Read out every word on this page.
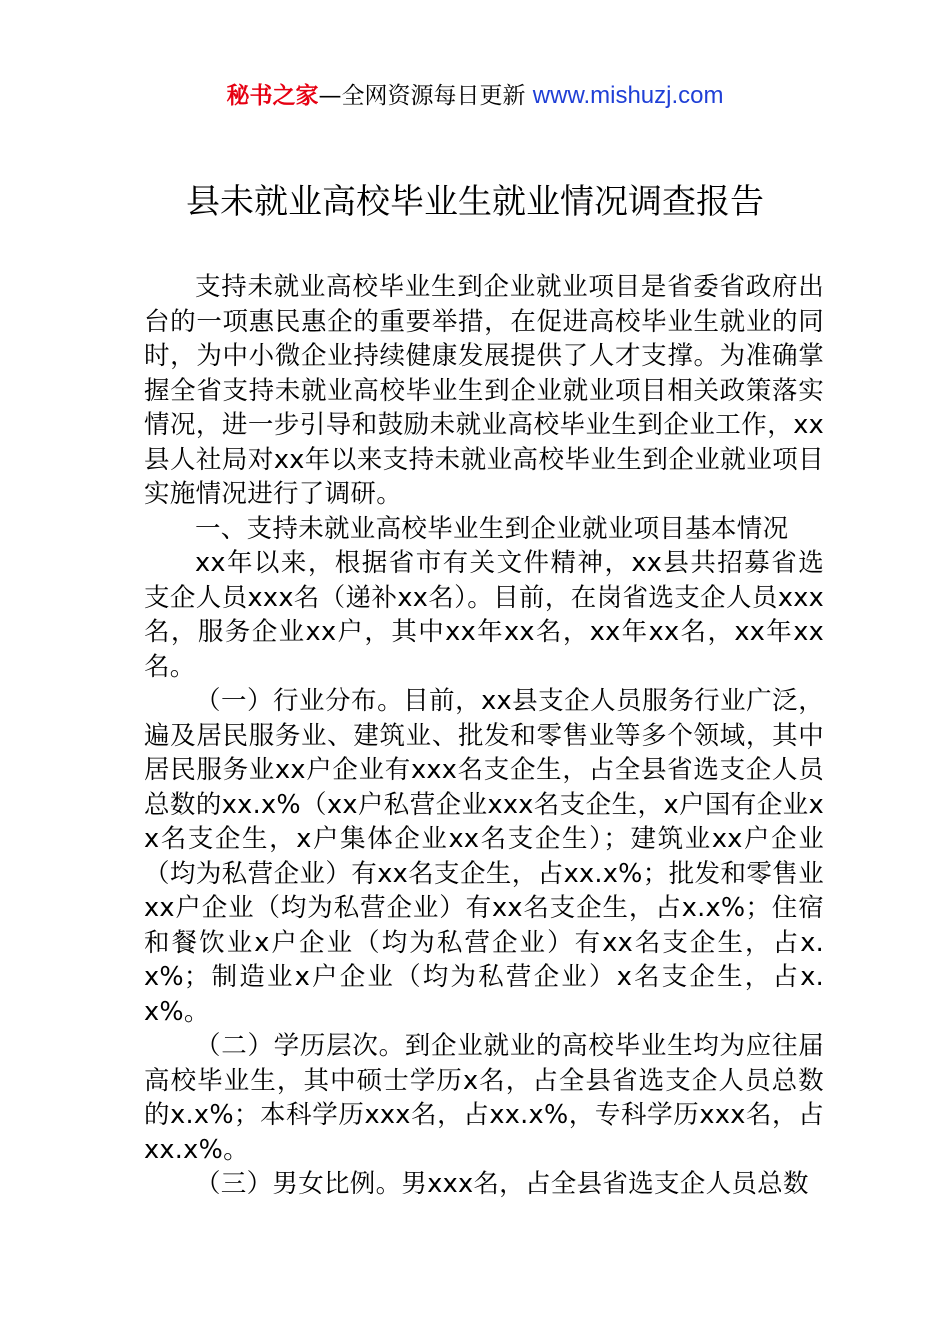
秘书之家—全网资源每日更新 www.mishuzj.com
县未就业高校毕业生就业情况调查报告

支持未就业高校毕业生到企业就业项目是省委省政府出台的一项惠民惠企的重要举措，在促进高校毕业生就业的同时，为中小微企业持续健康发展提供了人才支撑。为准确掌握全省支持未就业高校毕业生到企业就业项目相关政策落实情况，进一步引导和鼓励未就业高校毕业生到企业工作，xx县人社局对xx年以来支持未就业高校毕业生到企业就业项目实施情况进行了调研。

一、支持未就业高校毕业生到企业就业项目基本情况

xx年以来，根据省市有关文件精神，xx县共招募省选支企人员xxx名（递补xx名）。目前，在岗省选支企人员xxx名，服务企业xx户，其中xx年xx名，xx年xx名，xx年xx名。

（一）行业分布。目前，xx县支企人员服务行业广泛，遍及居民服务业、建筑业、批发和零售业等多个领域，其中居民服务业xx户企业有xxx名支企生，占全县省选支企人员总数的xx.x%（xx户私营企业xxx名支企生，x户国有企业xx名支企生，x户集体企业xx名支企生）；建筑业xx户企业（均为私营企业）有xx名支企生，占xx.x%；批发和零售业xx户企业（均为私营企业）有xx名支企生，占x.x%；住宿和餐饮业x户企业（均为私营企业）有xx名支企生，占x.x%；制造业x户企业（均为私营企业）x名支企生，占x.x%。

（二）学历层次。到企业就业的高校毕业生均为应往届高校毕业生，其中硕士学历x名，占全县省选支企人员总数的x.x%；本科学历xxx名，占xx.x%，专科学历xxx名，占xx.x%。

（三）男女比例。男xxx名，占全县省选支企人员总数
